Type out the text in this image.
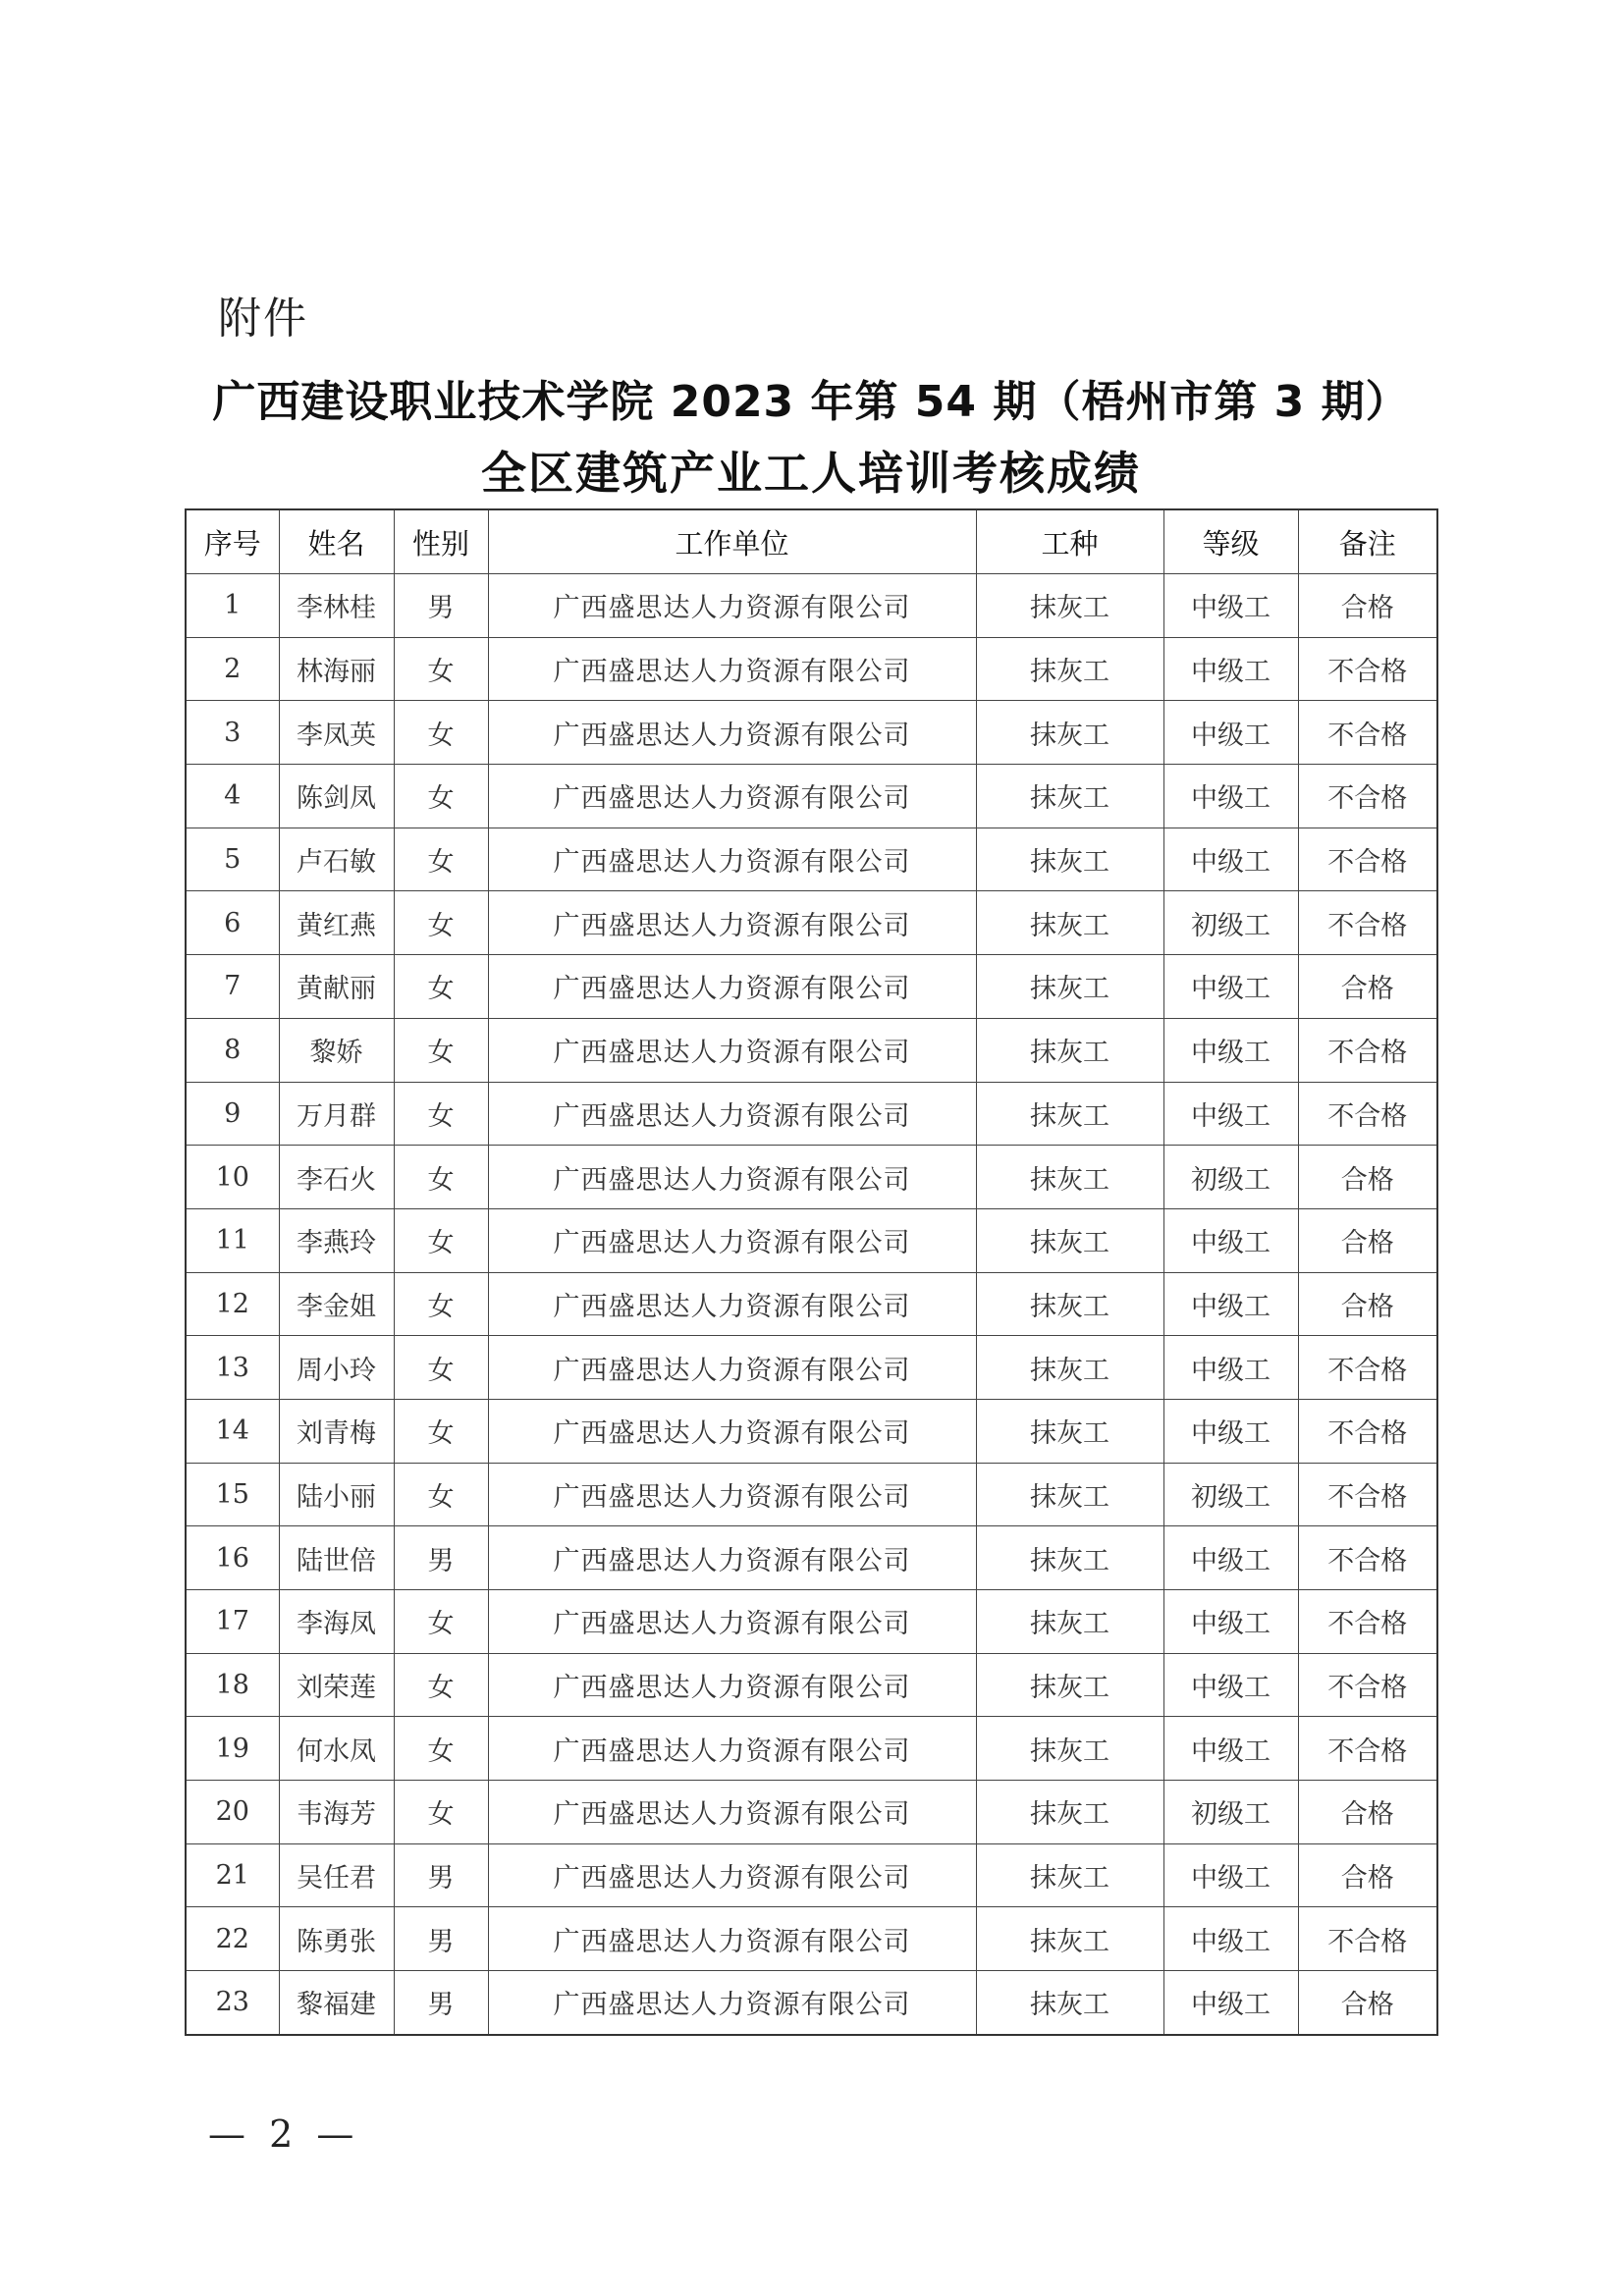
附件
广西建设职业技术学院 2023 年第 54 期（梧州市第 3 期）
全区建筑产业工人培训考核成绩
序号	姓名	性别	工作单位	工种	等级	备注
1	李林桂	男	广西盛思达人力资源有限公司	抹灰工	中级工	合格
2	林海丽	女	广西盛思达人力资源有限公司	抹灰工	中级工	不合格
3	李凤英	女	广西盛思达人力资源有限公司	抹灰工	中级工	不合格
4	陈剑凤	女	广西盛思达人力资源有限公司	抹灰工	中级工	不合格
5	卢石敏	女	广西盛思达人力资源有限公司	抹灰工	中级工	不合格
6	黄红燕	女	广西盛思达人力资源有限公司	抹灰工	初级工	不合格
7	黄献丽	女	广西盛思达人力资源有限公司	抹灰工	中级工	合格
8	黎娇	女	广西盛思达人力资源有限公司	抹灰工	中级工	不合格
9	万月群	女	广西盛思达人力资源有限公司	抹灰工	中级工	不合格
10	李石火	女	广西盛思达人力资源有限公司	抹灰工	初级工	合格
11	李燕玲	女	广西盛思达人力资源有限公司	抹灰工	中级工	合格
12	李金姐	女	广西盛思达人力资源有限公司	抹灰工	中级工	合格
13	周小玲	女	广西盛思达人力资源有限公司	抹灰工	中级工	不合格
14	刘青梅	女	广西盛思达人力资源有限公司	抹灰工	中级工	不合格
15	陆小丽	女	广西盛思达人力资源有限公司	抹灰工	初级工	不合格
16	陆世倍	男	广西盛思达人力资源有限公司	抹灰工	中级工	不合格
17	李海凤	女	广西盛思达人力资源有限公司	抹灰工	中级工	不合格
18	刘荣莲	女	广西盛思达人力资源有限公司	抹灰工	中级工	不合格
19	何水凤	女	广西盛思达人力资源有限公司	抹灰工	中级工	不合格
20	韦海芳	女	广西盛思达人力资源有限公司	抹灰工	初级工	合格
21	吴任君	男	广西盛思达人力资源有限公司	抹灰工	中级工	合格
22	陈勇张	男	广西盛思达人力资源有限公司	抹灰工	中级工	不合格
23	黎福建	男	广西盛思达人力资源有限公司	抹灰工	中级工	合格
— 2 —
